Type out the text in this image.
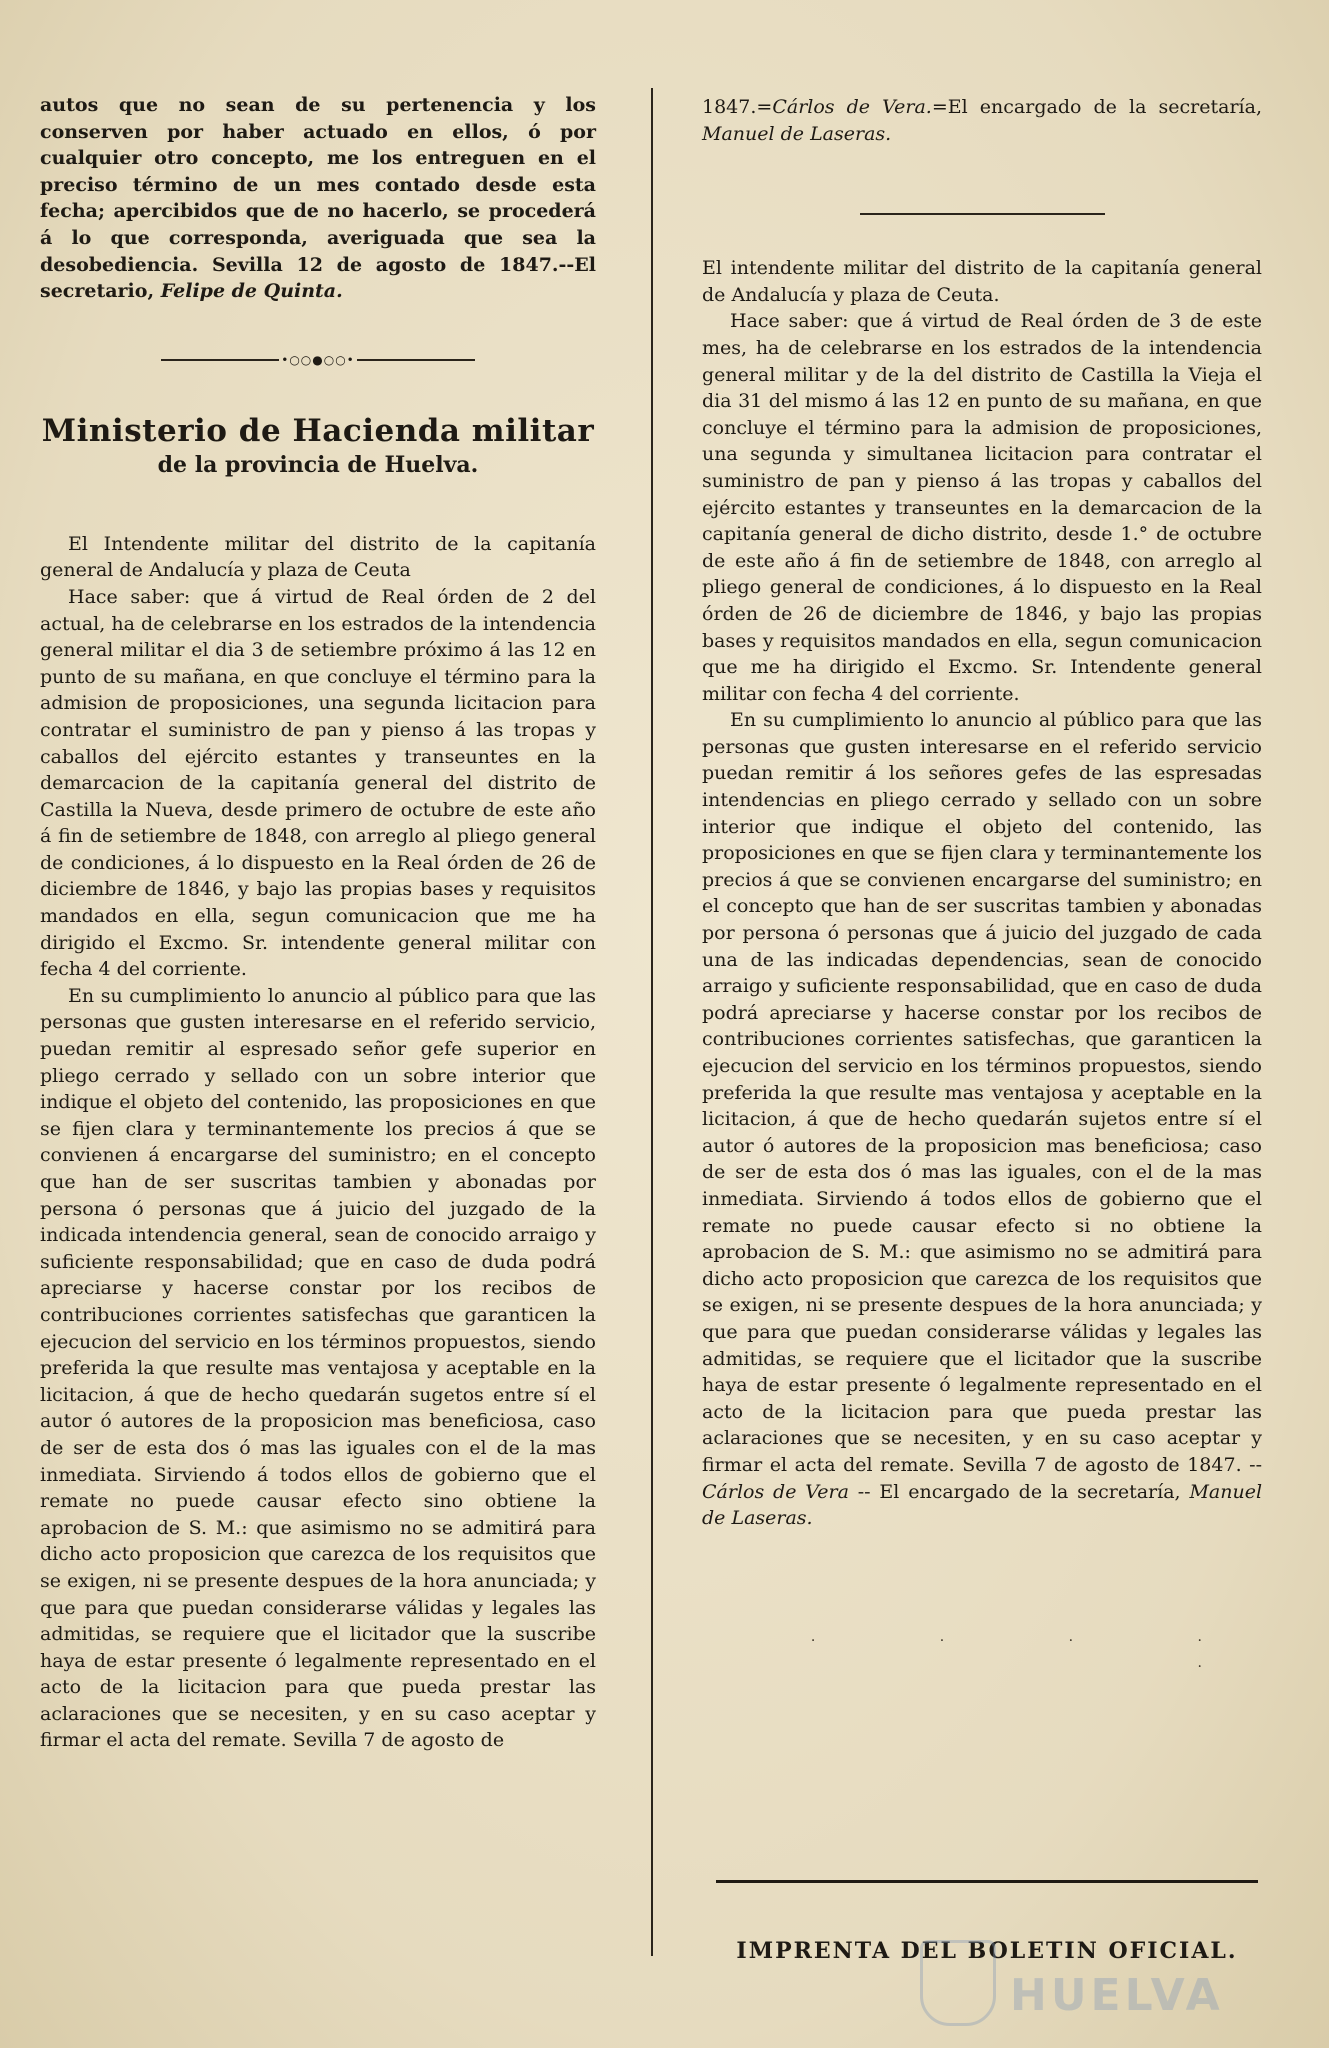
autos que no sean de su pertenencia y los conserven por haber actuado en ellos, ó por cualquier otro concepto, me los entreguen en el preciso término de un mes contado desde esta fecha; apercibidos que de no hacerlo, se procederá á lo que corresponda, averiguada que sea la desobediencia. Sevilla 12 de agosto de 1847.--El secretario, Felipe de Quinta.

•○○●○○•
Ministerio de Hacienda militar
de la provincia de Huelva.

El Intendente militar del distrito de la capitanía general de Andalucía y plaza de Ceuta

Hace saber: que á virtud de Real órden de 2 del actual, ha de celebrarse en los estrados de la intendencia general militar el dia 3 de setiembre próximo á las 12 en punto de su mañana, en que concluye el término para la admision de proposiciones, una segunda licitacion para contratar el suministro de pan y pienso á las tropas y caballos del ejército estantes y transeuntes en la demarcacion de la capitanía general del distrito de Castilla la Nueva, desde primero de octubre de este año á fin de setiembre de 1848, con arreglo al pliego general de condiciones, á lo dispuesto en la Real órden de 26 de diciembre de 1846, y bajo las propias bases y requisitos mandados en ella, segun comunicacion que me ha dirigido el Excmo. Sr. intendente general militar con fecha 4 del corriente.

En su cumplimiento lo anuncio al público para que las personas que gusten interesarse en el referido servicio, puedan remitir al espresado señor gefe superior en pliego cerrado y sellado con un sobre interior que indique el objeto del contenido, las proposiciones en que se fijen clara y terminantemente los precios á que se convienen á encargarse del suministro; en el concepto que han de ser suscritas tambien y abonadas por persona ó personas que á juicio del juzgado de la indicada intendencia general, sean de conocido arraigo y suficiente responsabilidad; que en caso de duda podrá apreciarse y hacerse constar por los recibos de contribuciones corrientes satisfechas que garanticen la ejecucion del servicio en los términos propuestos, siendo preferida la que resulte mas ventajosa y aceptable en la licitacion, á que de hecho quedarán sugetos entre sí el autor ó autores de la proposicion mas beneficiosa, caso de ser de esta dos ó mas las iguales con el de la mas inmediata. Sirviendo á todos ellos de gobierno que el remate no puede causar efecto sino obtiene la aprobacion de S. M.: que asimismo no se admitirá para dicho acto proposicion que carezca de los requisitos que se exigen, ni se presente despues de la hora anunciada; y que para que puedan considerarse válidas y legales las admitidas, se requiere que el licitador que la suscribe haya de estar presente ó legalmente representado en el acto de la licitacion para que pueda prestar las aclaraciones que se necesiten, y en su caso aceptar y firmar el acta del remate. Sevilla 7 de agosto de

1847.=Cárlos de Vera.=El encargado de la secretaría, Manuel de Laseras.

El intendente militar del distrito de la capitanía general de Andalucía y plaza de Ceuta.

Hace saber: que á virtud de Real órden de 3 de este mes, ha de celebrarse en los estrados de la intendencia general militar y de la del distrito de Castilla la Vieja el dia 31 del mismo á las 12 en punto de su mañana, en que concluye el término para la admision de proposiciones, una segunda y simultanea licitacion para contratar el suministro de pan y pienso á las tropas y caballos del ejército estantes y transeuntes en la demarcacion de la capitanía general de dicho distrito, desde 1.° de octubre de este año á fin de setiembre de 1848, con arreglo al pliego general de condiciones, á lo dispuesto en la Real órden de 26 de diciembre de 1846, y bajo las propias bases y requisitos mandados en ella, segun comunicacion que me ha dirigido el Excmo. Sr. Intendente general militar con fecha 4 del corriente.

En su cumplimiento lo anuncio al público para que las personas que gusten interesarse en el referido servicio puedan remitir á los señores gefes de las espresadas intendencias en pliego cerrado y sellado con un sobre interior que indique el objeto del contenido, las proposiciones en que se fijen clara y terminantemente los precios á que se convienen encargarse del suministro; en el concepto que han de ser suscritas tambien y abonadas por persona ó personas que á juicio del juzgado de cada una de las indicadas dependencias, sean de conocido arraigo y suficiente responsabilidad, que en caso de duda podrá apreciarse y hacerse constar por los recibos de contribuciones corrientes satisfechas, que garanticen la ejecucion del servicio en los términos propuestos, siendo preferida la que resulte mas ventajosa y aceptable en la licitacion, á que de hecho quedarán sujetos entre sí el autor ó autores de la proposicion mas beneficiosa; caso de ser de esta dos ó mas las iguales, con el de la mas inmediata. Sirviendo á todos ellos de gobierno que el remate no puede causar efecto si no obtiene la aprobacion de S. M.: que asimismo no se admitirá para dicho acto proposicion que carezca de los requisitos que se exigen, ni se presente despues de la hora anunciada; y que para que puedan considerarse válidas y legales las admitidas, se requiere que el licitador que la suscribe haya de estar presente ó legalmente representado en el acto de la licitacion para que pueda prestar las aclaraciones que se necesiten, y en su caso aceptar y firmar el acta del remate. Sevilla 7 de agosto de 1847. -- Cárlos de Vera -- El encargado de la secretaría, Manuel de Laseras.

· · · · ·
IMPRENTA DEL BOLETIN OFICIAL.
HUELVA
